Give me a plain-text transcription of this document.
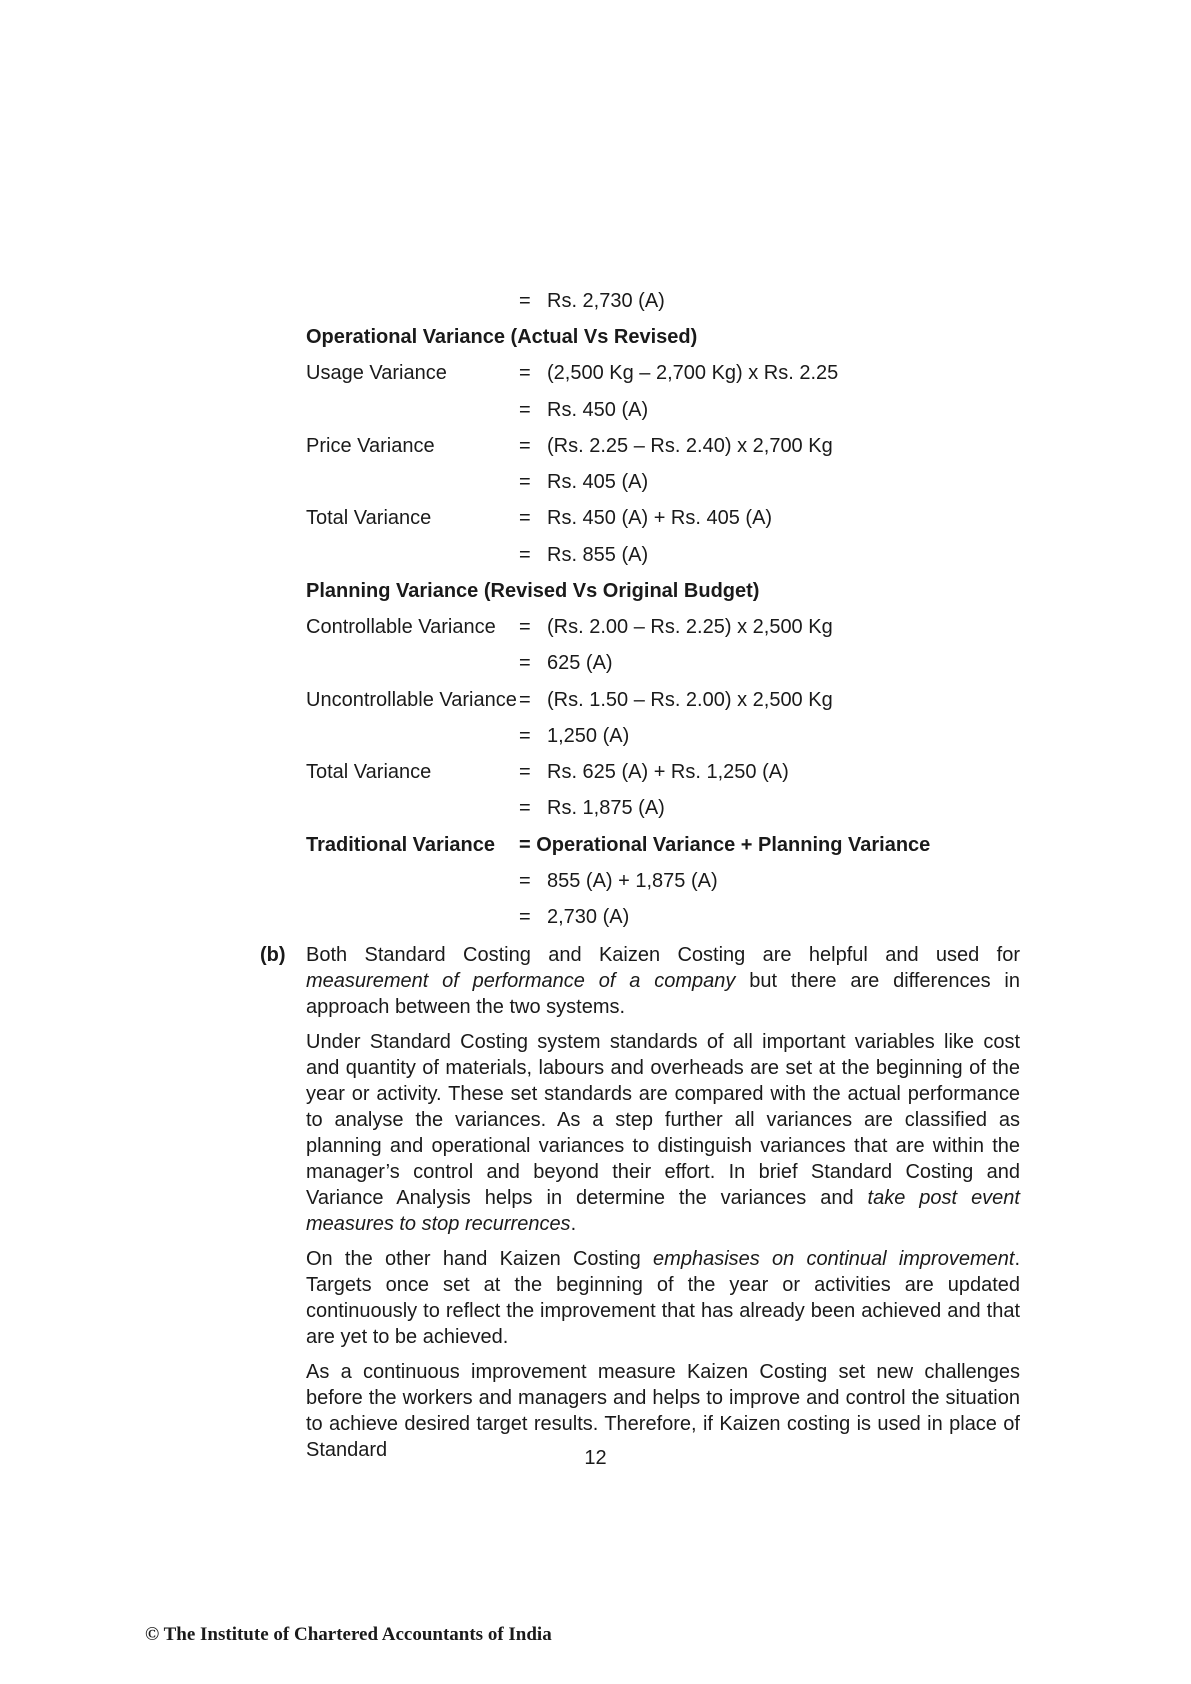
= Rs. 2,730 (A)
Operational Variance (Actual Vs Revised)
Usage Variance	= (2,500 Kg – 2,700 Kg) x Rs. 2.25
= Rs. 450 (A)
Price Variance	= (Rs. 2.25 – Rs. 2.40) x 2,700 Kg
= Rs. 405 (A)
Total Variance	= Rs. 450 (A) + Rs. 405 (A)
= Rs. 855 (A)
Planning Variance (Revised Vs Original Budget)
Controllable Variance = (Rs. 2.00 – Rs. 2.25) x 2,500 Kg
= 625 (A)
Uncontrollable Variance = (Rs. 1.50 – Rs. 2.00) x 2,500 Kg
= 1,250 (A)
Total Variance	= Rs. 625 (A) + Rs. 1,250 (A)
= Rs. 1,875 (A)
Traditional Variance = Operational Variance + Planning Variance
= 855 (A) + 1,875 (A)
= 2,730 (A)
(b) Both Standard Costing and Kaizen Costing are helpful and used for measurement of performance of a company but there are differences in approach between the two systems.

Under Standard Costing system standards of all important variables like cost and quantity of materials, labours and overheads are set at the beginning of the year or activity. These set standards are compared with the actual performance to analyse the variances. As a step further all variances are classified as planning and operational variances to distinguish variances that are within the manager’s control and beyond their effort. In brief Standard Costing and Variance Analysis helps in determine the variances and take post event measures to stop recurrences.

On the other hand Kaizen Costing emphasises on continual improvement. Targets once set at the beginning of the year or activities are updated continuously to reflect the improvement that has already been achieved and that are yet to be achieved.

As a continuous improvement measure Kaizen Costing set new challenges before the workers and managers and helps to improve and control the situation to achieve desired target results. Therefore, if Kaizen costing is used in place of Standard	12
© The Institute of Chartered Accountants of India
